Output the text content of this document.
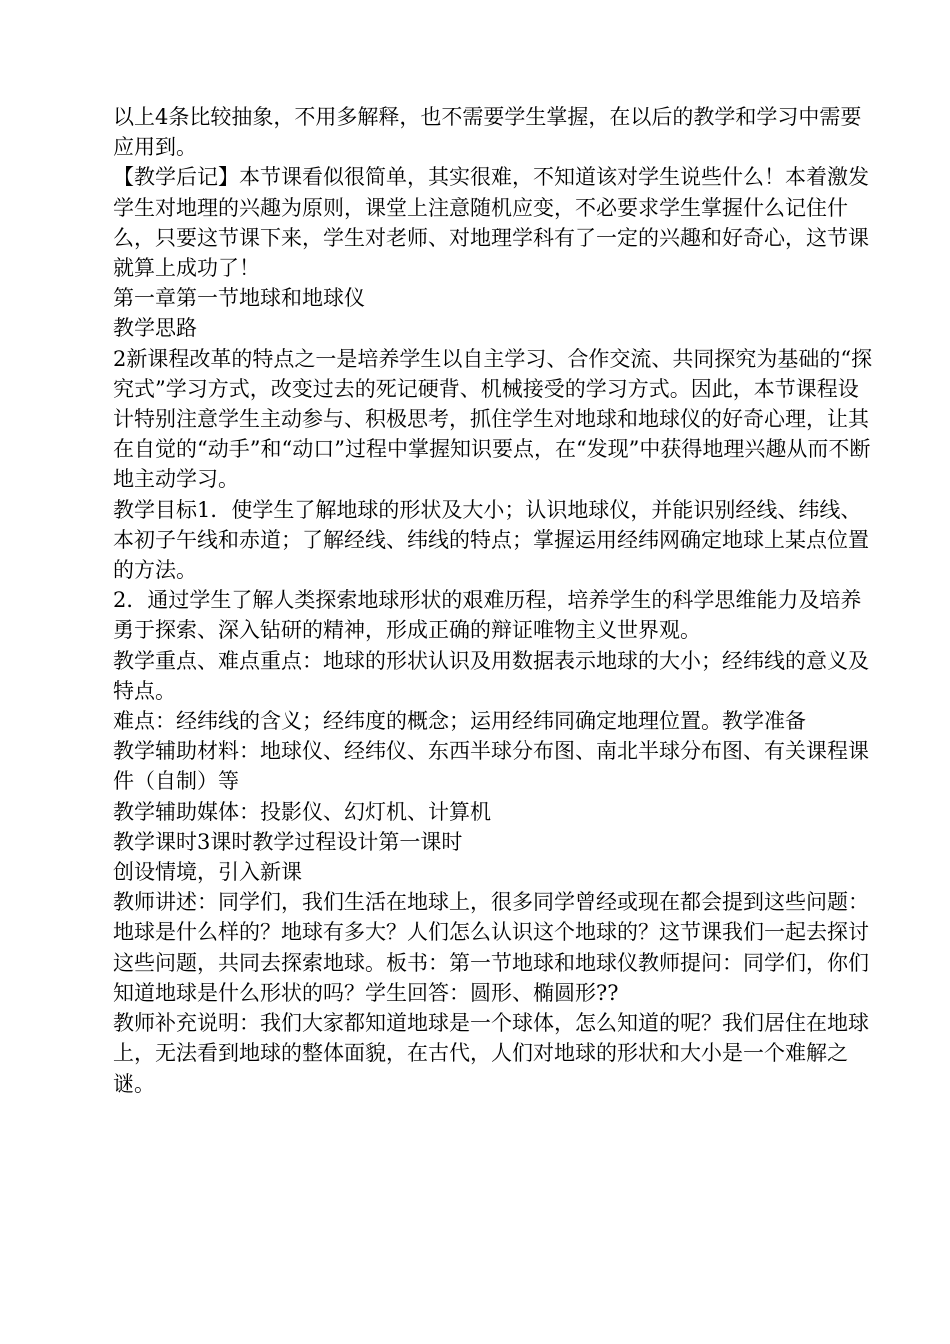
以上4条比较抽象，不用多解释，也不需要学生掌握，在以后的教学和学习中需要应用到。

【教学后记】本节课看似很简单，其实很难，不知道该对学生说些什么！本着激发学生对地理的兴趣为原则，课堂上注意随机应变，不必要求学生掌握什么记住什么，只要这节课下来，学生对老师、对地理学科有了一定的兴趣和好奇心，这节课就算上成功了！

第一章第一节地球和地球仪

教学思路

2新课程改革的特点之一是培养学生以自主学习、合作交流、共同探究为基础的“探究式”学习方式，改变过去的死记硬背、机械接受的学习方式。因此，本节课程设计特别注意学生主动参与、积极思考，抓住学生对地球和地球仪的好奇心理，让其在自觉的“动手”和“动口”过程中掌握知识要点，在“发现”中获得地理兴趣从而不断地主动学习。

教学目标1．使学生了解地球的形状及大小；认识地球仪，并能识别经线、纬线、本初子午线和赤道；了解经线、纬线的特点；掌握运用经纬网确定地球上某点位置的方法。

2．通过学生了解人类探索地球形状的艰难历程，培养学生的科学思维能力及培养勇于探索、深入钻研的精神，形成正确的辩证唯物主义世界观。

教学重点、难点重点：地球的形状认识及用数据表示地球的大小；经纬线的意义及特点。

难点：经纬线的含义；经纬度的概念；运用经纬同确定地理位置。教学准备

教学辅助材料：地球仪、经纬仪、东西半球分布图、南北半球分布图、有关课程课件（自制）等

教学辅助媒体：投影仪、幻灯机、计算机

教学课时3课时教学过程设计第一课时

创设情境，引入新课

教师讲述：同学们，我们生活在地球上，很多同学曾经或现在都会提到这些问题：地球是什么样的？地球有多大？人们怎么认识这个地球的？这节课我们一起去探讨这些问题，共同去探索地球。板书：第一节地球和地球仪教师提问：同学们，你们知道地球是什么形状的吗？学生回答：圆形、椭圆形??

教师补充说明：我们大家都知道地球是一个球体，怎么知道的呢？我们居住在地球上，无法看到地球的整体面貌，在古代，人们对地球的形状和大小是一个难解之谜。
